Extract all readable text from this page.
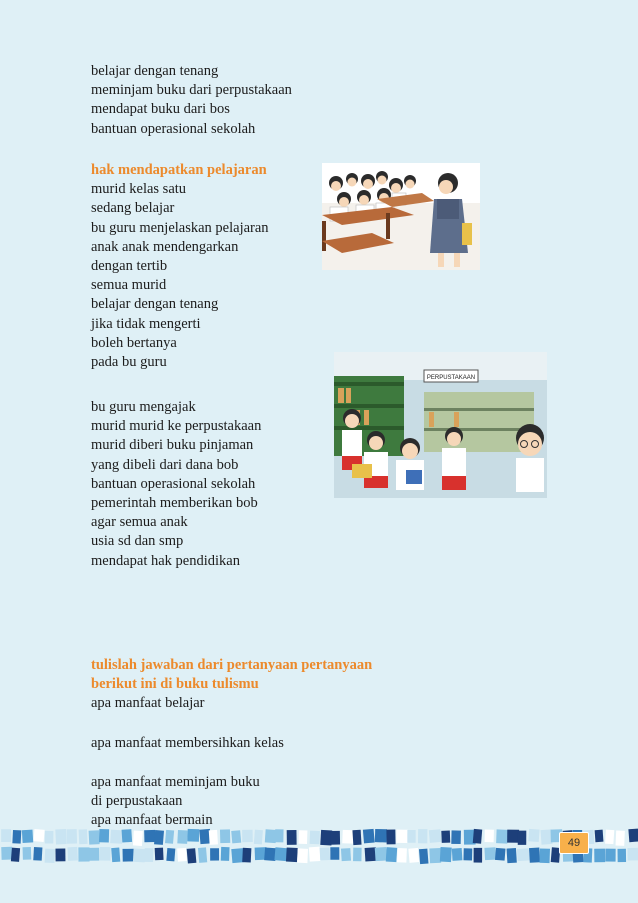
belajar dengan tenang
meminjam buku dari perpustakaan
mendapat buku dari bos
bantuan operasional sekolah
hak mendapatkan pelajaran
murid kelas satu
sedang belajar
bu guru menjelaskan pelajaran
anak anak mendengarkan
dengan tertib
semua murid
belajar dengan tenang
jika tidak mengerti
boleh bertanya
pada bu guru
bu guru mengajak
murid murid ke perpustakaan
murid diberi buku pinjaman
yang dibeli dari dana bob
bantuan operasional sekolah
pemerintah memberikan bob
agar semua anak
usia sd dan smp
mendapat hak pendidikan
tulislah jawaban dari pertanyaan pertanyaan
berikut ini di buku tulismu
apa manfaat belajar
apa manfaat membersihkan kelas
apa manfaat meminjam buku
di perpustakaan
apa manfaat bermain
PERPUSTAKAAN
49
